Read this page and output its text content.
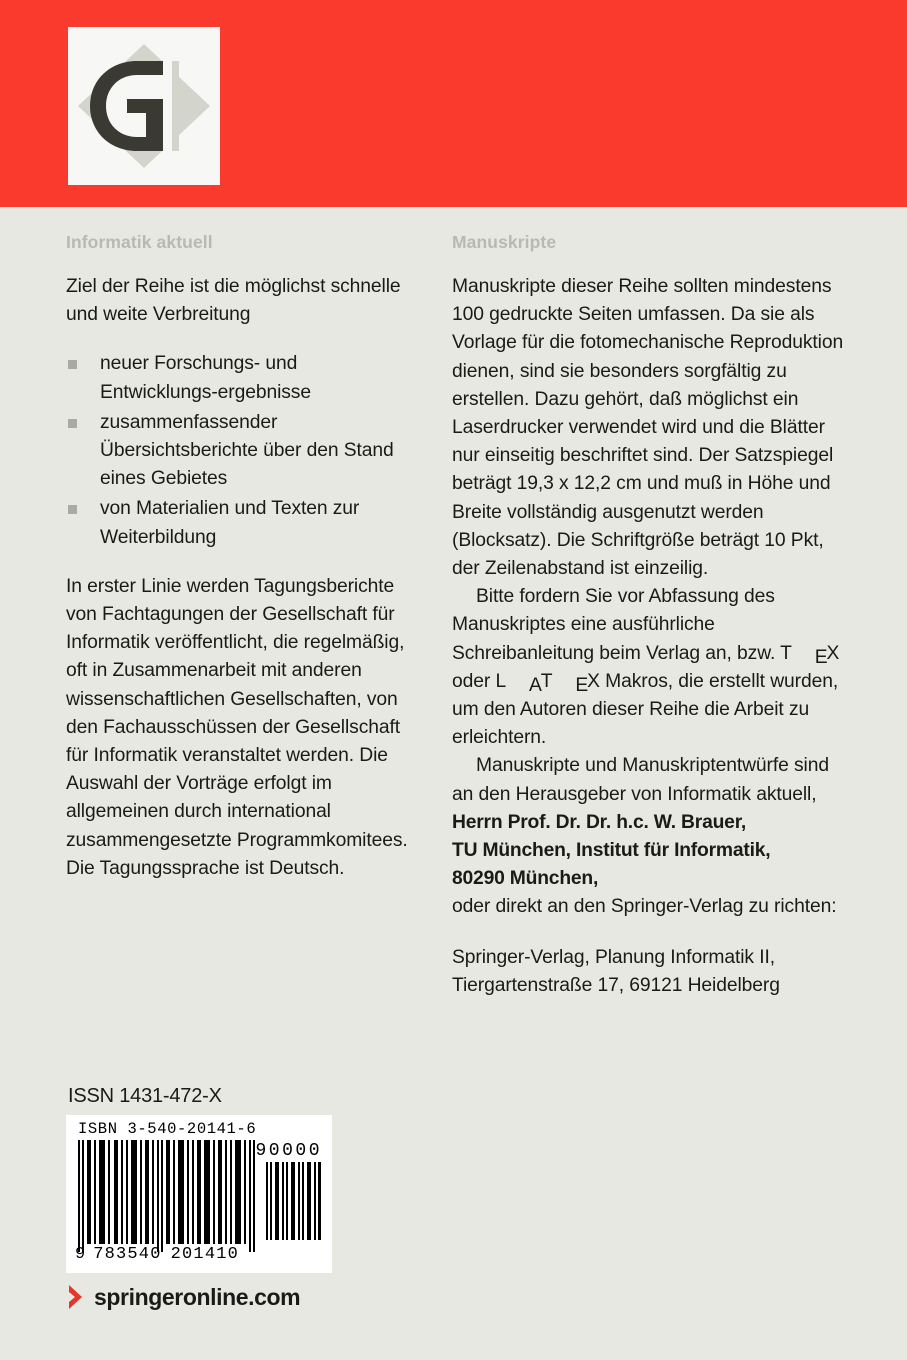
Informatik aktuell

Ziel der Reihe ist die möglichst schnelle und weite Verbreitung

neuer Forschungs- und Entwicklungs-ergebnisse
zusammenfassender Übersichtsberichte über den Stand eines Gebietes
von Materialien und Texten zur Weiterbildung

In erster Linie werden Tagungsberichte von Fachtagungen der Gesellschaft für Informatik veröffentlicht, die regelmäßig, oft in Zusammenarbeit mit anderen wissenschaftlichen Gesellschaften, von den Fachausschüssen der Gesellschaft für Informatik veranstaltet werden. Die Auswahl der Vorträge erfolgt im allgemeinen durch international zusammengesetzte Programmkomitees. Die Tagungssprache ist Deutsch.

Manuskripte

Manuskripte dieser Reihe sollten mindestens 100 gedruckte Seiten umfassen. Da sie als Vorlage für die fotomechanische Reproduktion dienen, sind sie besonders sorgfältig zu erstellen. Dazu gehört, daß möglichst ein Laserdrucker verwendet wird und die Blätter nur einseitig beschriftet sind. Der Satzspiegel beträgt 19,3 x 12,2 cm und muß in Höhe und Breite vollständig ausgenutzt werden (Blocksatz). Die Schriftgröße beträgt 10 Pkt, der Zeilenabstand ist einzeilig.

Bitte fordern Sie vor Abfassung des Manuskriptes eine ausführliche Schreibanleitung beim Verlag an, bzw. T EX oder L AT EX Makros, die erstellt wurden, um den Autoren dieser Reihe die Arbeit zu erleichtern.

Manuskripte und Manuskriptentwürfe sind an den Herausgeber von Informatik aktuell,

Herrn Prof. Dr. Dr. h.c. W. Brauer,

TU München, Institut für Informatik,

80290 München,

oder direkt an den Springer-Verlag zu richten:

Springer-Verlag, Planung Informatik II,

Tiergartenstraße 17, 69121 Heidelberg

ISSN 1431-472-X
ISBN 3-540-20141-6
90000
9 783540 201410
springeronline.com
